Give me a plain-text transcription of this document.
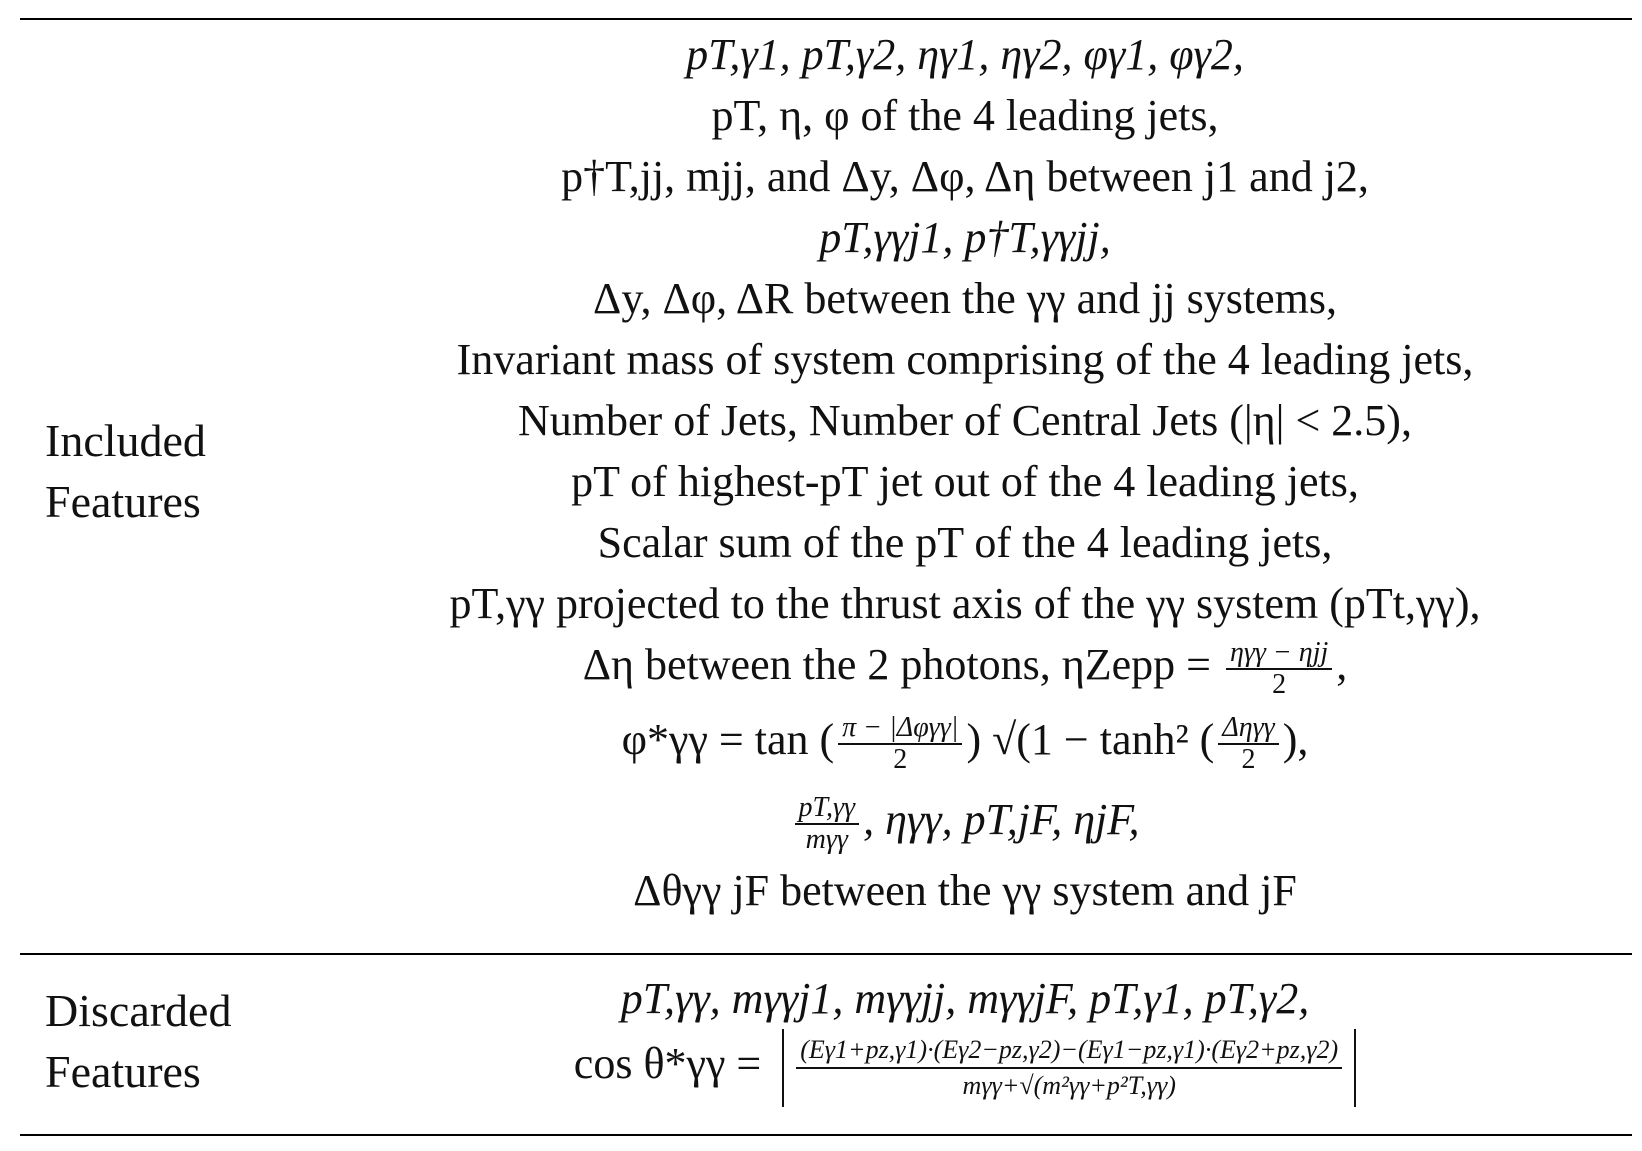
Included
Features
pT,γ1, pT,γ2, ηγ1, ηγ2, φγ1, φγ2,
pT, η, φ of the 4 leading jets,
p†T,jj, mjj, and Δy, Δφ, Δη between j1 and j2,
pT,γγj1, p†T,γγjj,
Δy, Δφ, ΔR between the γγ and jj systems,
Invariant mass of system comprising of the 4 leading jets,
Number of Jets, Number of Central Jets (|η| < 2.5),
pT of highest-pT jet out of the 4 leading jets,
Scalar sum of the pT of the 4 leading jets,
pT,γγ projected to the thrust axis of the γγ system (pTt,γγ),
Δη between the 2 photons, ηZepp = $\frac{\text{ηγγ − ηjj}}{2}$ ,
φ*γγ = tan ( $\frac{\text{π − |Δφγγ|}}{2}$ ) √(1 − tanh² ( $\frac{\text{Δηγγ}}{2}$ ),
$\frac{pT,\gamma\gamma}{\text{mγγ}}$ , ηγγ, pT,jF, ηjF,
Δθγγ jF between the γγ system and jF
Discarded
Features
pT,γγ, mγγj1, mγγjj, mγγjF, pT,γ1, pT,γ2,
$\cos \theta*\gamma\gamma = \frac{(E\gamma 1+pz,\gamma 1)\cdot(E\gamma 2-pz,\gamma 2)-(E\gamma 1-pz,\gamma 1)\cdot(E\gamma 2+pz,\gamma 2)}{\text{mγγ+√(m²γγ+p²T,γγ)}}$
